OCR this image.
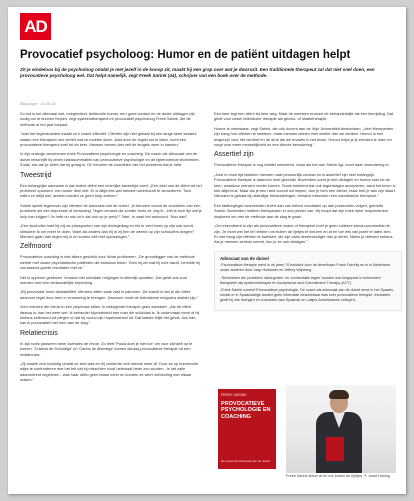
AD
Provocatief psycholoog: Humor en de patiënt uitdagen helpt
Zit je eindeloos bij de psycholoog omdat je met jezelf in de knoop zit, maakt hij een grap over wat je dwarszit. Een traditionele therapeut zal dat niet snel doen, een provocatieve psycholoog wel. Dat helpt namelijk, zegt Freek Sarink (44), schrijver van een boek over de methode.
Bilaa Ayar · 10-08-15

Zo bot is het allemaal niet, integendeel: liefdevolle humor, een goed contact en de ander uitdagen zijn nodig om te kunnen helpen, zegt systeemtherapeut en provocatief psycholoog Freek Sarink, die de methode al ten jaar toepast.

'Juist het tegendraadse maakt zo'n coach effectief. Cliënten zijn niet gebaat bij een lange serie sessies waarin een therapeut hen vertelt wat ze moeten doen. Juist door de regels los te laten, komt een provocatieve therapeut snel tot de kern. Mensen nemen dan zelf de teugels weer in handen.'

In zijn onlangs verschenen boek Provocatieve psychologie en coaching. De coach als advocaat van de duivel beschrijft hij zeven basissommaties van provocatieve psychologie en de bijbehorende technieken. Zoals: sta van je cliënt dat hij graag is. Of: benoem de voordelen van het probleem dat je hebt.

Tweestrijd

Een belangrijke aanname is dat iedere cliënt een innerlijke tweestrijd voert. „Een deel van de cliënt wil het probleem oplossen, een ander deel niet. Er is altijd iets wat mensen weerhoudt te veranderen. Toch willen ze altijd wel, anders zouden ze geen hulp zoeken.”

Sarink speelt tegenover zijn cliënten de advocaat van de duivel. „Ik benoem vooral de voordelen van een probleem als een depressie of verslaving. Tegen iemand die zonder fruits zit, zeg ik: „Het is toch fijn dat je hulp kan krijgen? Je hebt nu ook zo'n dat ook op je werk?” 'Nee', is vaak het antwoord. 'Nou dan!'

„Een alcoholist hoef bij mij de plusspunten van zijn drinkgedrag en elk te veel hoort op zijn ook wordt, stimuleer ik om meer te doen. Want als anders dan hij of zij ben de wereld op zijn schouders dragen? Mensen gaan dan tegen mij in en komen zelf met oplossingen.”

Zelfmoord

Provocatieve coaching is niet alleen geschikt voor lichte problemen. „De grondlegger van de methode werkte met zware psychiatrische patiënten die kansloos leken. Toen hij zei wat hij echt dacht, bereikte hij verrassend goede resultaten met ze.”

Het is opperen gebleven. Iemand met suïcidale neigingen is letterlijk opvatten. Dat geldt ook voor mensen met een verstandelijke beperking.

„Bij provocatie hoort deskabiliteit. Mensen zitten vaak vast in patronen. De kracht is dat je die cliënt daarvoor tegel door hem in verwarring te brengen. Daarvoor moet de betrokkene enigszins stabiel zijn.”

Voor mensen die nieuw in een psychose zitten, is uitdagende therapie geen aanrader. „Als de cliënt daarop is, kan het weer wel. Ik behandel bijvoorbeeld een man die suïcidaal is. Ik ondervraak eerst of hij serieus zelfmoord wil plegen of dat hij vooral zijn hopeloosheid uit. Dat laatste blijkt het geval, dus dan kan ik provocatief met hem aan de slag.”

Relatiecrisis

In zijn boek passeren meer kwesties de revue. Zo leert 'Paula doet je niet toe' om voor zichzelf op te komen. 'Cristina de Schuldige' en 'Carlos de Afwezige' komen dankzij provocatieve therapie uit een relatiecrisis.

„Zij vaakte zich schuldig omdat ze ziek was en hij zonderde zich steeds meer af. Door ze op humorvolle wijze te confronteren met het feit dat zij misschien nooit helemaal beter zou worden - is het valle daaromtrent negeleren - was haar cliëlo geen telaar meer en konden ze weer verbinding met elkaar maken.”

Eén keer legt een cliënt bij hem weg. Maar de meesten ervaren de behandelstijle als een bevrijding. Dat geldt voor zowel individuele therapie als gezins- of relatietherapie.

Humor is onmisbaar, zegt Sarink, die ook docent aan de Vrije Universiteit Amsterdam. „Veel therapeuten zijn bang hun cliënten te kwetsen, maar mensen lachen veel sneller dan we denken. Humor is een lesgreep! voor het verdriet en de druk die we ervaren in het leven. Humor helpt je je emoties te uiten en zorgt voor meer menselijkheid en een directe benadering.”

Assertief zijn

Provocatieve therapie is nog relatief onbekend, maar als het aan Sarink ligt, komt daar verandering in.

„Juist in onze tijd snakken mensen naar persoonlijk contact en is assertief zijn heel belangrijk. Provocatieve therapie is daarvoor heel geschikt. Bovendien komt je niet uitdagen en humor snel tot de kern, waardoor mensen verder komen. Soms betekent dat ook tegenslagen accepteren, want het leven is niet altijd leuk. Maar als je een rand vooruit wil helpen, doe je hem een dienst, maar trek je aan zijn staart. Niemand is gebaat bij uitsluitige behandelingen, behalve misschien een narcistische therapeut.”

Een taalbeglegel voorbeelden levert dan ook betere resultaten op dan protocollen volgen, gebruikt Sarink. Bovendien hebben therapeuten er ook plezier van. Hij hoopt dat zijn boek meer hulpverleners inspireert om met de methode aan de slag te gaan.

„Om executeerd is zijn als provocatieve coach of therapeut hoef je geen volleerd stand-upcomedian te zijn. Je moet wel het lef hebben om buiten de lijntjes te kleuren en af en toe iets van jezelf te laten zien. Er niet bang zijn cliënten te kwetsen, die zijn vaak veerkrachtiger dan je denkt. Neem je cliënten serieus. Als je mensen serieus neemt, kun je ze ook uitdagen.”

Advocaat van de duivel

-Provocatieve therapie werd in de jaren 70 bedacht door de Amerikaan Frank Farrelly en is in Nederland onder anderen door Jaap Hollander en Jeffrey Wijnberg.

-Technieken als 'probleem uitvergroten' en 'confrontatie tegen' worden ook toegepast in bekendere therapieën als systeemtherapie en Acceptance and Commitment Therapy (ACT).

-Freek Sarink schreef Provocatieve psychologie. De coach als advocaat van de duivel eerst in het Spaans, omdat er in Spaanstalige landen geen informatie beschikbaar was over provocatieve therapie. Inmiddels geeft hij ook lezingen en cursussen aan Spaanse en Latijns-Amerikaanse college's.

FREEK SARINK
PROVOCATIEVE PSYCHOLOGIE EN COACHING
De coach als advocaat van de duivel
Freek Sarink kleurt af en toe buiten de lijntjes. © Joost Hoving
